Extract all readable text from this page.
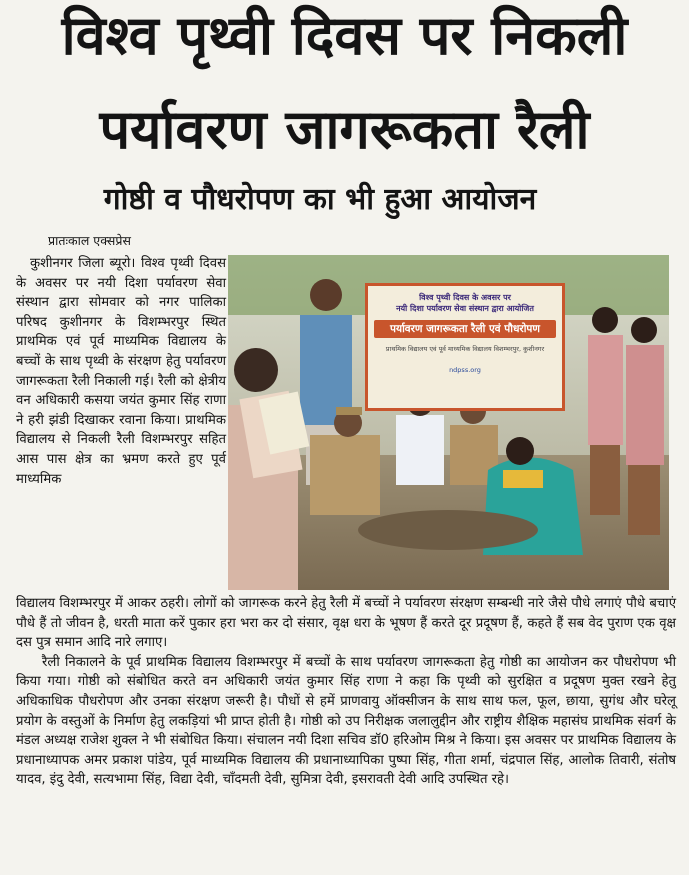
विश्व पृथ्वी दिवस पर निकली
पर्यावरण जागरूकता रैली
गोष्ठी व पौधरोपण का भी हुआ आयोजन
प्रातःकाल एक्सप्रेस

कुशीनगर जिला ब्यूरो। विश्व पृथ्वी दिवस के अवसर पर नयी दिशा पर्यावरण सेवा संस्थान द्वारा सोमवार को नगर पालिका परिषद कुशीनगर के विशम्भरपुर स्थित प्राथमिक एवं पूर्व माध्यमिक विद्यालय के बच्चों के साथ पृथ्वी के संरक्षण हेतु पर्यावरण जागरूकता रैली निकाली गई। रैली को क्षेत्रीय वन अधिकारी कसया जयंत कुमार सिंह राणा ने हरी झंडी दिखाकर रवाना किया। प्राथमिक विद्यालय से निकली रैली विशम्भरपुर सहित आस पास क्षेत्र का भ्रमण करते हुए पूर्व माध्यमिक

विश्व पृथ्वी दिवस के अवसर पर
नयी दिशा पर्यावरण सेवा संस्थान द्वारा आयोजित
पर्यावरण जागरूकता रैली एवं पौधरोपण
प्राथमिक विद्यालय एवं पूर्व माध्यमिक विद्यालय विशम्भरपुर, कुशीनगर
ndpss.org

विद्यालय विशम्भरपुर में आकर ठहरी। लोगों को जागरूक करने हेतु रैली में बच्चों ने पर्यावरण संरक्षण सम्बन्धी नारे जैसे पौधे लगाएं पौधे बचाएं पौधे हैं तो जीवन है, धरती माता करें पुकार हरा भरा कर दो संसार, वृक्ष धरा के भूषण हैं करते दूर प्रदूषण हैं, कहते हैं सब वेद पुराण एक वृक्ष दस पुत्र समान आदि नारे लगाए।

रैली निकालने के पूर्व प्राथमिक विद्यालय विशम्भरपुर में बच्चों के साथ पर्यावरण जागरूकता हेतु गोष्ठी का आयोजन कर पौधरोपण भी किया गया। गोष्ठी को संबोधित करते वन अधिकारी जयंत कुमार सिंह राणा ने कहा कि पृथ्वी को सुरक्षित व प्रदूषण मुक्त रखने हेतु अधिकाधिक पौधरोपण और उनका संरक्षण जरूरी है। पौधों से हमें प्राणवायु ऑक्सीजन के साथ साथ फल, फूल, छाया, सुगंध और घरेलू प्रयोग के वस्तुओं के निर्माण हेतु लकड़ियां भी प्राप्त होती है। गोष्ठी को उप निरीक्षक जलालुद्दीन और राष्ट्रीय शैक्षिक महासंघ प्राथमिक संवर्ग के मंडल अध्यक्ष राजेश शुक्ल ने भी संबोधित किया। संचालन नयी दिशा सचिव डॉ0 हरिओम मिश्र ने किया। इस अवसर पर प्राथमिक विद्यालय के प्रधानाध्यापक अमर प्रकाश पांडेय, पूर्व माध्यमिक विद्यालय की प्रधानाध्यापिका पुष्पा सिंह, गीता शर्मा, चंद्रपाल सिंह, आलोक तिवारी, संतोष यादव, इंदु देवी, सत्यभामा सिंह, विद्या देवी, चाँदमती देवी, सुमित्रा देवी, इसरावती देवी आदि उपस्थित रहे।
